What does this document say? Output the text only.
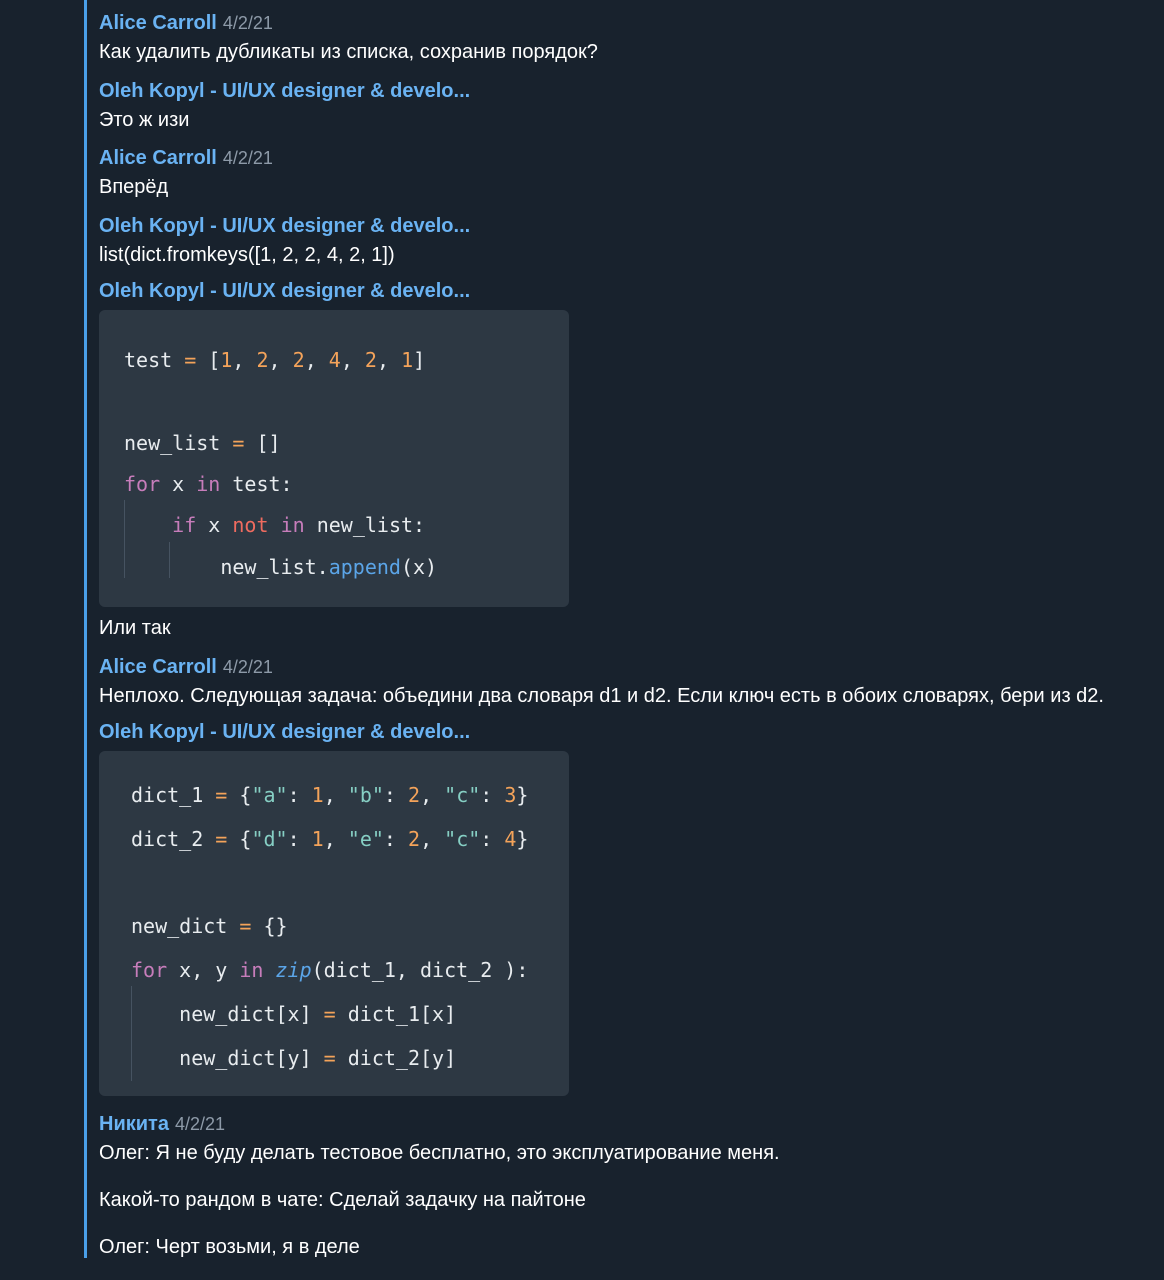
Alice Carroll 4/2/21
Как удалить дубликаты из списка, сохранив порядок?
Oleh Kopyl - UI/UX designer & develo...
Это ж изи
Alice Carroll 4/2/21
Вперёд
Oleh Kopyl - UI/UX designer & develo...
list(dict.fromkeys([1, 2, 2, 4, 2, 1])
Oleh Kopyl - UI/UX designer & develo...
test = [1, 2, 2, 4, 2, 1]
new_list = []
for x in test:
if x not in new_list:
new_list.append(x)
Или так
Alice Carroll 4/2/21
Неплохо. Следующая задача: объедини два словаря d1 и d2. Если ключ есть в обоих словарях, бери из d2.
Oleh Kopyl - UI/UX designer & develo...
dict_1 = {"a": 1, "b": 2, "c": 3}
dict_2 = {"d": 1, "e": 2, "c": 4}
new_dict = {}
for x, y in zip(dict_1, dict_2 ):
new_dict[x] = dict_1[x]
new_dict[y] = dict_2[y]
Никита 4/2/21
Олег: Я не буду делать тестовое бесплатно, это эксплуатирование меня.
Какой-то рандом в чате: Сделай задачку на пайтоне
Олег: Черт возьми, я в деле
